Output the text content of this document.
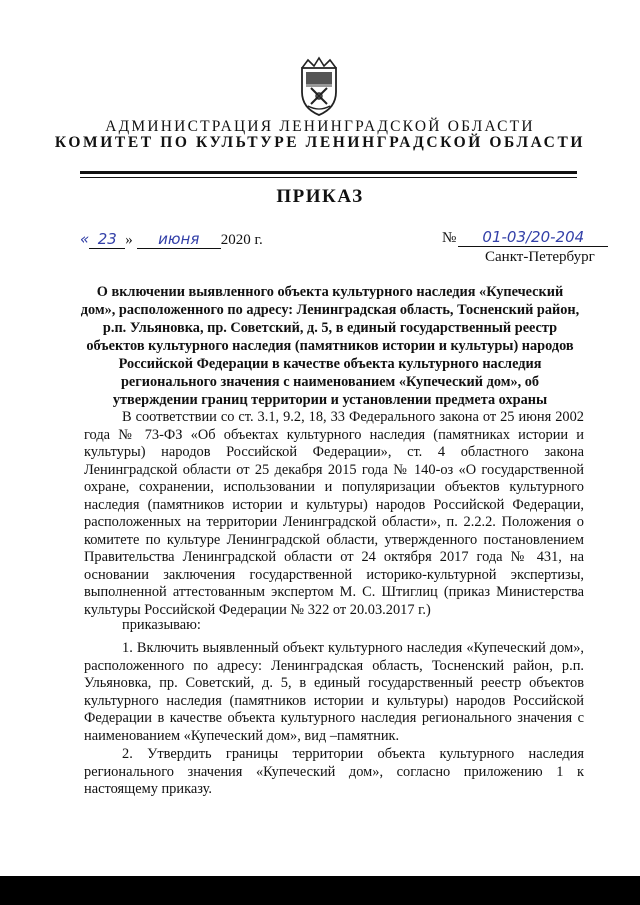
АДМИНИСТРАЦИЯ ЛЕНИНГРАДСКОЙ ОБЛАСТИ

КОМИТЕТ ПО КУЛЬТУРЕ ЛЕНИНГРАДСКОЙ ОБЛАСТИ

ПРИКАЗ
« 23 » июня 2020 г.	№ 01-03/20-204
Санкт-Петербург

О включении выявленного объекта культурного наследия «Купеческий дом», расположенного по адресу: Ленинградская область, Тосненский район, р.п. Ульяновка, пр. Советский, д. 5, в единый государственный реестр объектов культурного наследия (памятников истории и культуры) народов Российской Федерации в качестве объекта культурного наследия регионального значения с наименованием «Купеческий дом», об утверждении границ территории и установлении предмета охраны

В соответствии со ст. 3.1, 9.2, 18, 33 Федерального закона от 25 июня 2002 года № 73-ФЗ «Об объектах культурного наследия (памятниках истории и культуры) народов Российской Федерации», ст. 4 областного закона Ленинградской области от 25 декабря 2015 года № 140-оз «О государственной охране, сохранении, использовании и популяризации объектов культурного наследия (памятников истории и культуры) народов Российской Федерации, расположенных на территории Ленинградской области», п. 2.2.2. Положения о комитете по культуре Ленинградской области, утвержденного постановлением Правительства Ленинградской области от 24 октября 2017 года № 431, на основании заключения государственной историко-культурной экспертизы, выполненной аттестованным экспертом М. С. Штиглиц (приказ Министерства культуры Российской Федерации № 322 от 20.03.2017 г.)

приказываю:

1. Включить выявленный объект культурного наследия «Купеческий дом», расположенного по адресу: Ленинградская область, Тосненский район, р.п. Ульяновка, пр. Советский, д. 5, в единый государственный реестр объектов культурного наследия (памятников истории и культуры) народов Российской Федерации в качестве объекта культурного наследия регионального значения с наименованием «Купеческий дом», вид –памятник.

2. Утвердить границы территории объекта культурного наследия регионального значения «Купеческий дом», согласно приложению 1 к настоящему приказу.
